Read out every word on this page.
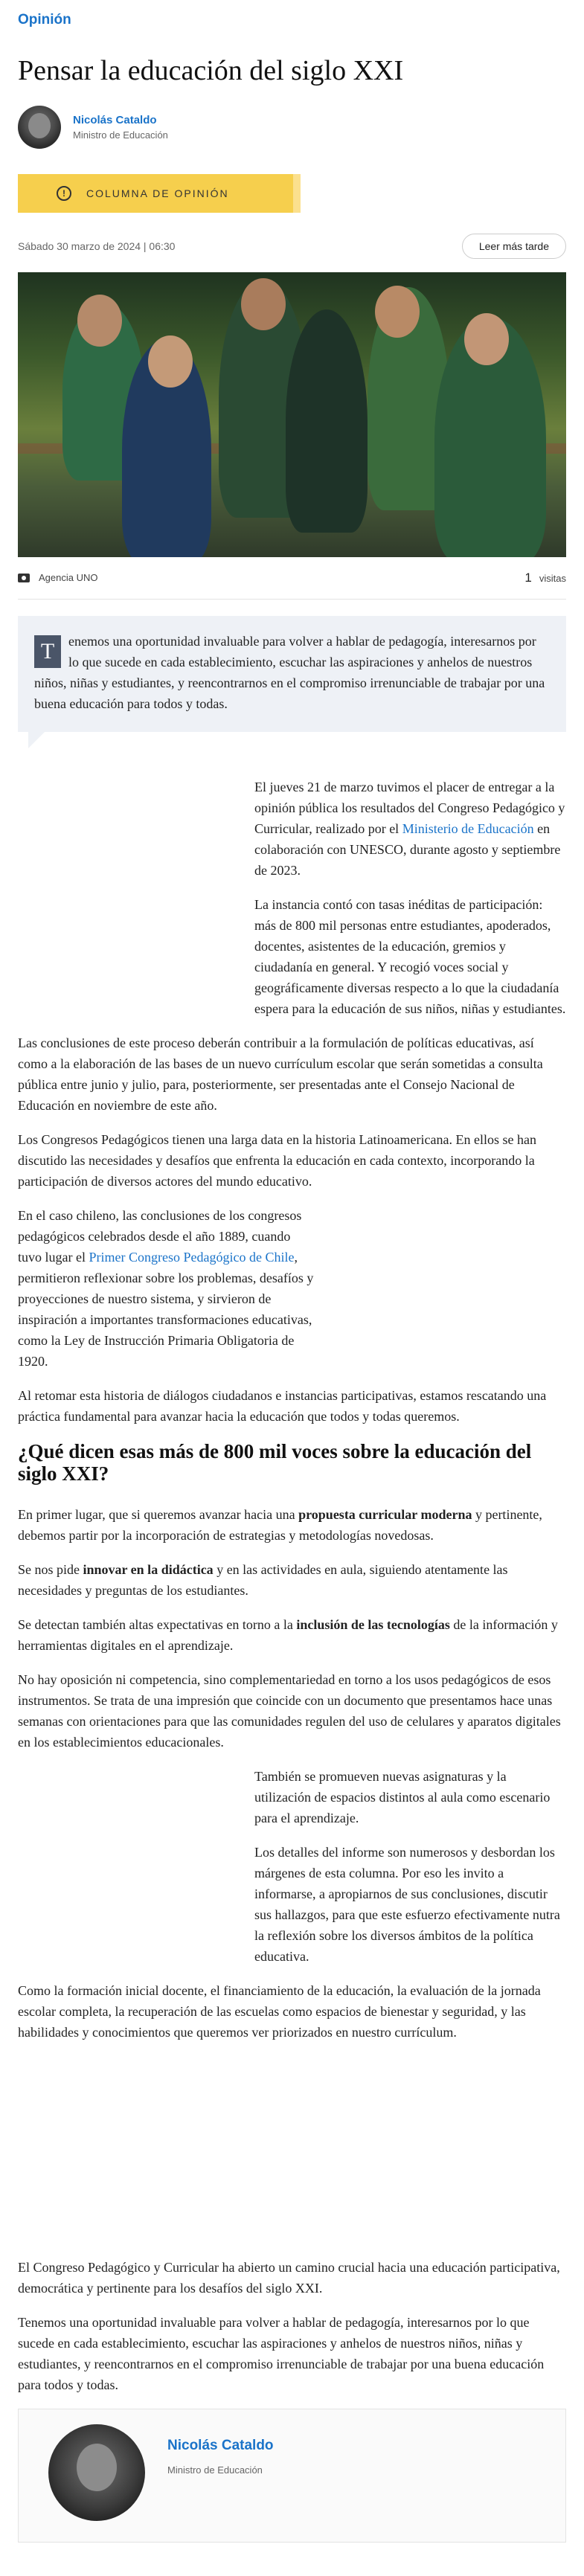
Opinión
Pensar la educación del siglo XXI
Nicolás Cataldo
Ministro de Educación
!	COLUMNA DE OPINIÓN
Sábado 30 marzo de 2024 | 06:30	Leer más tarde
Agencia UNO	1 visitas
T	enemos una oportunidad invaluable para volver a hablar de pedagogía, interesarnos por lo que sucede en cada establecimiento, escuchar las aspiraciones y anhelos de nuestros niños, niñas y estudiantes, y reencontrarnos en el compromiso irrenunciable de trabajar por una buena educación para todos y todas.

El jueves 21 de marzo tuvimos el placer de entregar a la opinión pública los resultados del Congreso Pedagógico y Curricular, realizado por el Ministerio de Educación en colaboración con UNESCO, durante agosto y septiembre de 2023.

La instancia contó con tasas inéditas de participación: más de 800 mil personas entre estudiantes, apoderados, docentes, asistentes de la educación, gremios y ciudadanía en general. Y recogió voces social y geográficamente diversas respecto a lo que la ciudadanía espera para la educación de sus niños, niñas y estudiantes.

Las conclusiones de este proceso deberán contribuir a la formulación de políticas educativas, así como a la elaboración de las bases de un nuevo currículum escolar que serán sometidas a consulta pública entre junio y julio, para, posteriormente, ser presentadas ante el Consejo Nacional de Educación en noviembre de este año.

Los Congresos Pedagógicos tienen una larga data en la historia Latinoamericana. En ellos se han discutido las necesidades y desafíos que enfrenta la educación en cada contexto, incorporando la participación de diversos actores del mundo educativo.

En el caso chileno, las conclusiones de los congresos pedagógicos celebrados desde el año 1889, cuando tuvo lugar el Primer Congreso Pedagógico de Chile, permitieron reflexionar sobre los problemas, desafíos y proyecciones de nuestro sistema, y sirvieron de inspiración a importantes transformaciones educativas, como la Ley de Instrucción Primaria Obligatoria de 1920.

Al retomar esta historia de diálogos ciudadanos e instancias participativas, estamos rescatando una práctica fundamental para avanzar hacia la educación que todos y todas queremos.

¿Qué dicen esas más de 800 mil voces sobre la educación del siglo XXI?

En primer lugar, que si queremos avanzar hacia una propuesta curricular moderna y pertinente, debemos partir por la incorporación de estrategias y metodologías novedosas.

Se nos pide innovar en la didáctica y en las actividades en aula, siguiendo atentamente las necesidades y preguntas de los estudiantes.

Se detectan también altas expectativas en torno a la inclusión de las tecnologías de la información y herramientas digitales en el aprendizaje.

No hay oposición ni competencia, sino complementariedad en torno a los usos pedagógicos de esos instrumentos. Se trata de una impresión que coincide con un documento que presentamos hace unas semanas con orientaciones para que las comunidades regulen del uso de celulares y aparatos digitales en los establecimientos educacionales.

También se promueven nuevas asignaturas y la utilización de espacios distintos al aula como escenario para el aprendizaje.

Los detalles del informe son numerosos y desbordan los márgenes de esta columna. Por eso les invito a informarse, a apropiarnos de sus conclusiones, discutir sus hallazgos, para que este esfuerzo efectivamente nutra la reflexión sobre los diversos ámbitos de la política educativa.

Como la formación inicial docente, el financiamiento de la educación, la evaluación de la jornada escolar completa, la recuperación de las escuelas como espacios de bienestar y seguridad, y las habilidades y conocimientos que queremos ver priorizados en nuestro currículum.

El Congreso Pedagógico y Curricular ha abierto un camino crucial hacia una educación participativa, democrática y pertinente para los desafíos del siglo XXI.

Tenemos una oportunidad invaluable para volver a hablar de pedagogía, interesarnos por lo que sucede en cada establecimiento, escuchar las aspiraciones y anhelos de nuestros niños, niñas y estudiantes, y reencontrarnos en el compromiso irrenunciable de trabajar por una buena educación para todos y todas.

Nicolás Cataldo
Ministro de Educación
